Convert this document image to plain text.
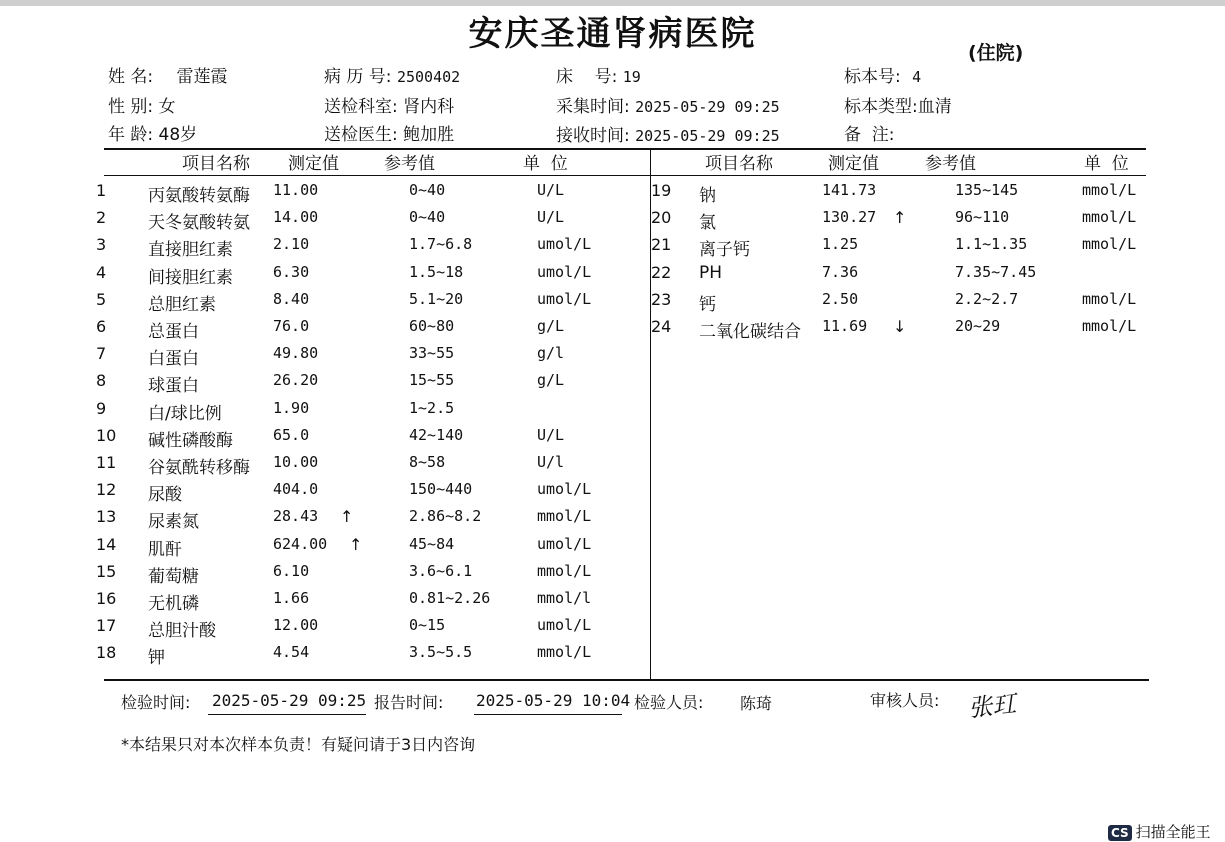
安庆圣通肾病医院	(住院)
姓 名: 雷莲霞
性 别: 女
年 龄: 48岁
病 历 号: 2500402
送检科室: 肾内科
送检医生: 鲍加胜
床    号: 19
采集时间: 2025-05-29 09:25
接收时间: 2025-05-29 09:25
标本号: 4
标本类型:血清
备  注:
项目名称 测定值	参考值	单  位	项目名称	测定值	参考值	单  位
1 丙氨酸转氨酶 11.00	0~40	U/L
2 天冬氨酸转氨 14.00	0~40	U/L
3 直接胆红素	2.10	1.7~6.8	umol/L
4 间接胆红素	6.30	1.5~18	umol/L
5 总胆红素	8.40	5.1~20	umol/L
6 总蛋白	76.0	60~80	g/L
7 白蛋白	49.80	33~55	g/l
8 球蛋白	26.20	15~55	g/L
9 白/球比例	1.90	1~2.5
10 碱性磷酸酶	65.0	42~140	U/L
11 谷氨酰转移酶 10.00	8~58	U/l
12 尿酸	404.0	150~440	umol/L
13 尿素氮	28.43 ↑	2.86~8.2	mmol/L
14 肌酐	624.00 ↑	45~84	umol/L
15 葡萄糖	6.10	3.6~6.1	mmol/L
16 无机磷	1.66	0.81~2.26	mmol/l
17 总胆汁酸	12.00	0~15	umol/L
18 钾	4.54	3.5~5.5	mmol/L
19 钠	141.73	135~145	mmol/L
20 氯	130.27 ↑	96~110	mmol/L
21 离子钙	1.25	1.1~1.35	mmol/L
22 PH	7.36	7.35~7.45
23 钙	2.50	2.2~2.7	mmol/L
24 二氧化碳结合 11.69 ↓	20~29	mmol/L
检验时间: 2025-05-29 09:25 报告时间: 2025-05-29 10:04 检验人员: 陈琦	审核人员: 张玒
*本结果只对本次样本负责！有疑问请于3日内咨询
CS 扫描全能王
